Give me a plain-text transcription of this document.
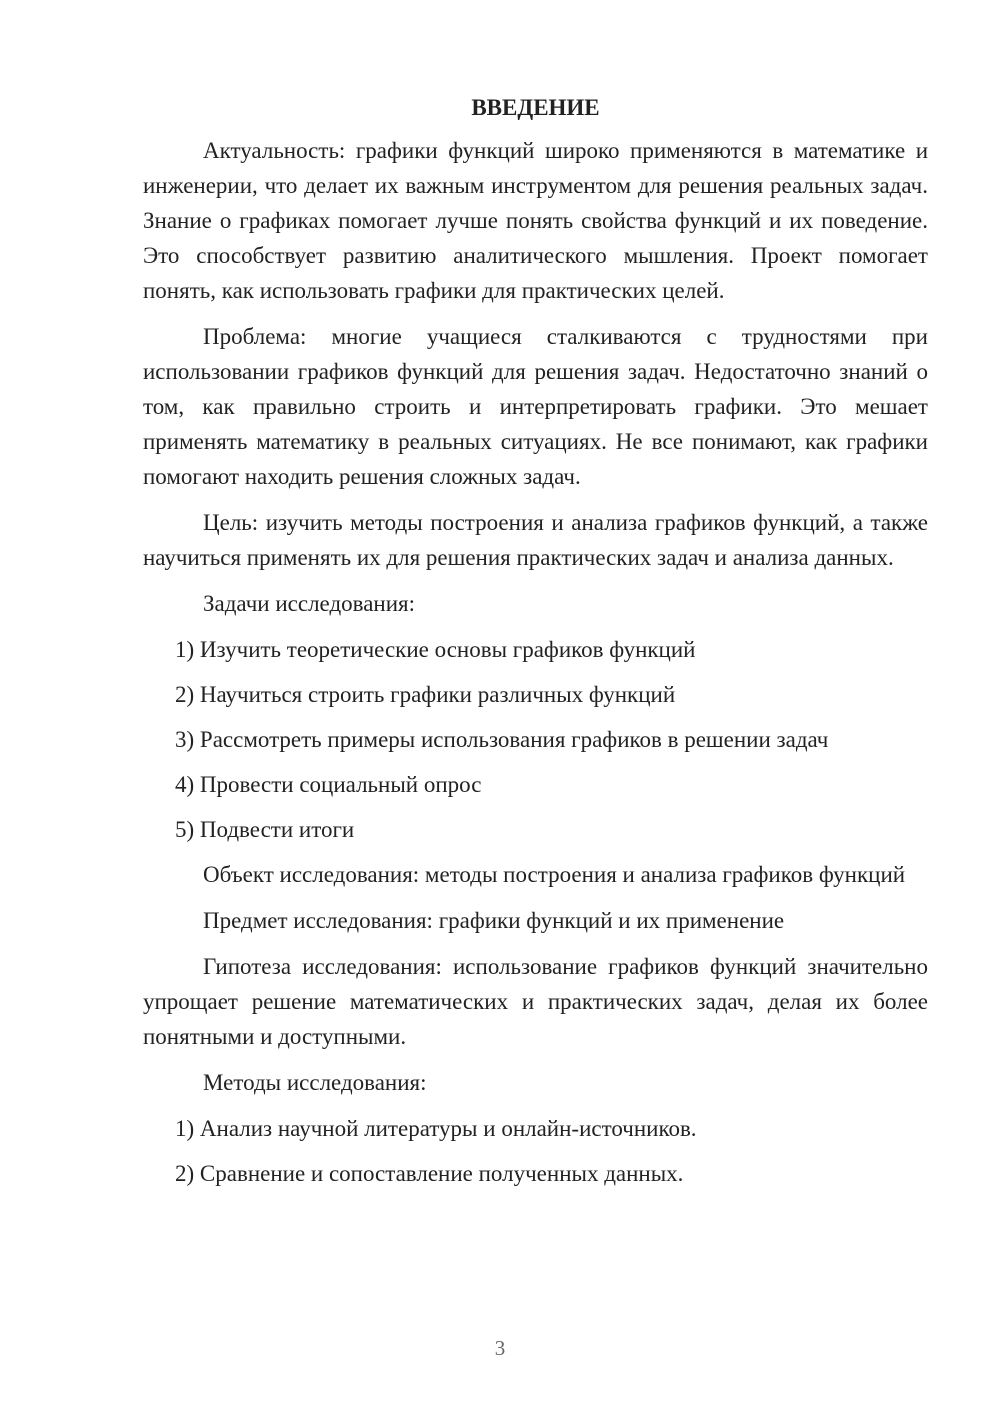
ВВЕДЕНИЕ

Актуальность: графики функций широко применяются в математике и инженерии, что делает их важным инструментом для решения реальных задач. Знание о графиках помогает лучше понять свойства функций и их поведение. Это способствует развитию аналитического мышления. Проект помогает понять, как использовать графики для практических целей.

Проблема: многие учащиеся сталкиваются с трудностями при использовании графиков функций для решения задач. Недостаточно знаний о том, как правильно строить и интерпретировать графики. Это мешает применять математику в реальных ситуациях. Не все понимают, как графики помогают находить решения сложных задач.

Цель: изучить методы построения и анализа графиков функций, а также научиться применять их для решения практических задач и анализа данных.

Задачи исследования:

1) Изучить теоретические основы графиков функций
2) Научиться строить графики различных функций
3) Рассмотреть примеры использования графиков в решении задач
4) Провести социальный опрос
5) Подвести итоги

Объект исследования: методы построения и анализа графиков функций

Предмет исследования: графики функций и их применение

Гипотеза исследования: использование графиков функций значительно упрощает решение математических и практических задач, делая их более понятными и доступными.

Методы исследования:

1) Анализ научной литературы и онлайн-источников.
2) Сравнение и сопоставление полученных данных.
3
